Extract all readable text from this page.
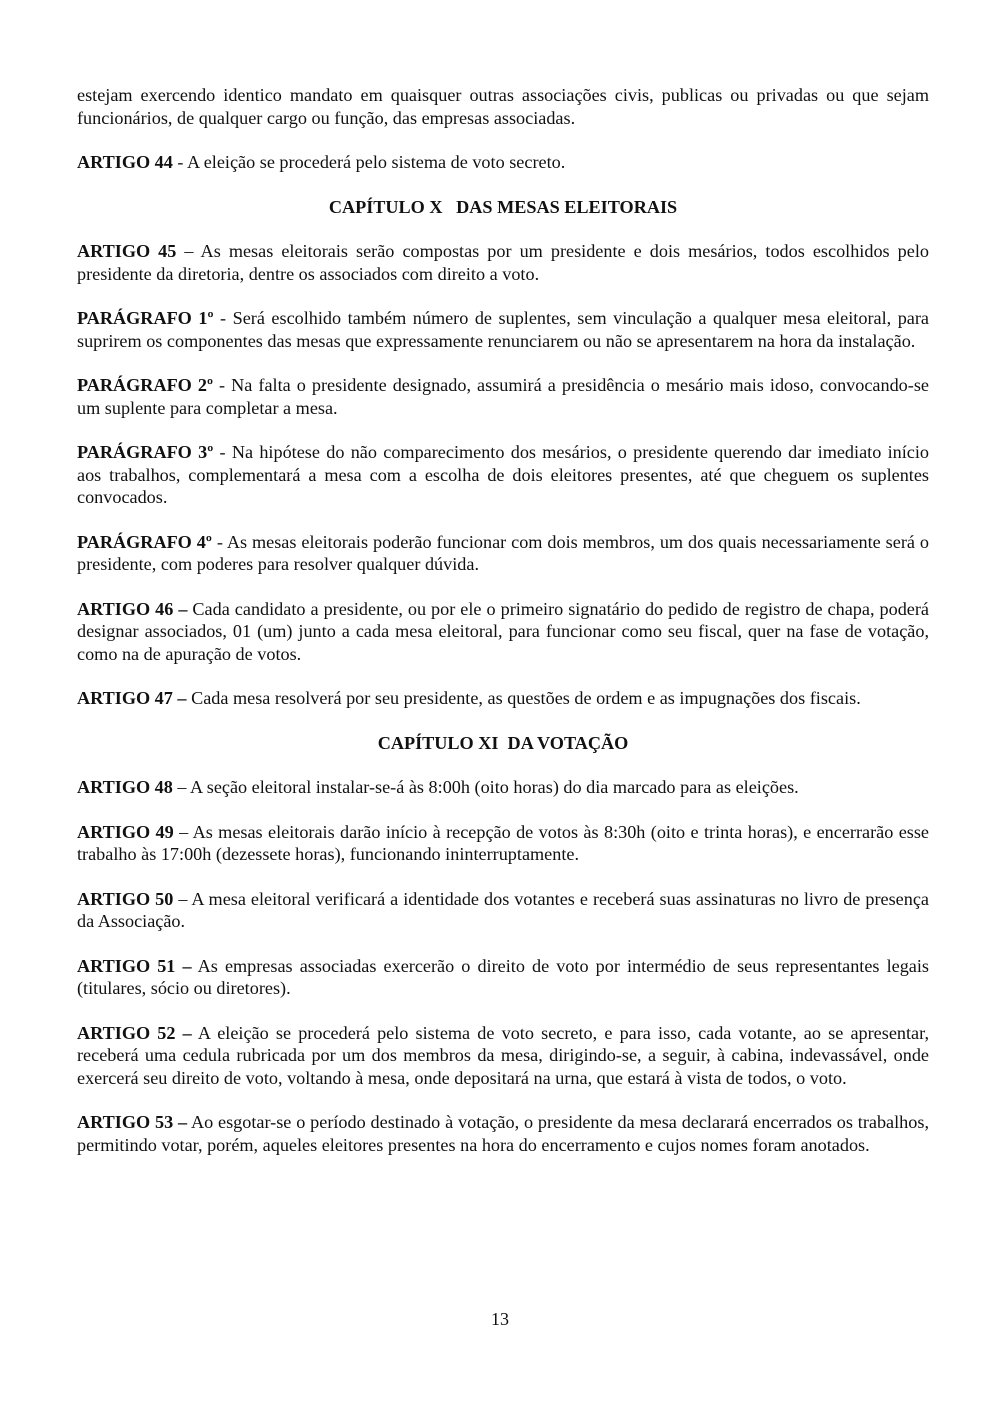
estejam exercendo identico mandato em quaisquer outras associações civis, publicas ou privadas ou que sejam funcionários, de qualquer cargo ou função, das empresas associadas.

ARTIGO 44 - A eleição se procederá pelo sistema de voto secreto.

CAPÍTULO X   DAS MESAS ELEITORAIS

ARTIGO 45 – As mesas eleitorais serão compostas por um presidente e dois mesários, todos escolhidos pelo presidente da diretoria, dentre os associados com direito a voto.

PARÁGRAFO 1º - Será escolhido também número de suplentes, sem vinculação a qualquer mesa eleitoral, para suprirem os componentes das mesas que expressamente renunciarem ou não se apresentarem na hora da instalação.

PARÁGRAFO 2º - Na falta o presidente designado, assumirá a presidência o mesário mais idoso, convocando-se um suplente para completar a mesa.

PARÁGRAFO 3º - Na hipótese do não comparecimento dos mesários, o presidente querendo dar imediato início aos trabalhos, complementará a mesa com a escolha de dois eleitores presentes, até que cheguem os suplentes convocados.

PARÁGRAFO 4º - As mesas eleitorais poderão funcionar com dois membros, um dos quais necessariamente será o presidente, com poderes para resolver qualquer dúvida.

ARTIGO 46 – Cada candidato a presidente, ou por ele o primeiro signatário do pedido de registro de chapa, poderá designar associados, 01 (um) junto a cada mesa eleitoral, para funcionar como seu fiscal, quer na fase de votação, como na de apuração de votos.

ARTIGO 47 – Cada mesa resolverá por seu presidente, as questões de ordem e as impugnações dos fiscais.

CAPÍTULO XI  DA VOTAÇÃO

ARTIGO 48 – A seção eleitoral instalar-se-á às 8:00h (oito horas) do dia marcado para as eleições.

ARTIGO 49 – As mesas eleitorais darão início à recepção de votos às 8:30h (oito e trinta horas), e encerrarão esse trabalho às 17:00h (dezessete horas), funcionando ininterruptamente.

ARTIGO 50 – A mesa eleitoral verificará a identidade dos votantes e receberá suas assinaturas no livro de presença da Associação.

ARTIGO 51 – As empresas associadas exercerão o direito de voto por intermédio de seus representantes legais (titulares, sócio ou diretores).

ARTIGO 52 – A eleição se procederá pelo sistema de voto secreto, e para isso, cada votante, ao se apresentar, receberá uma cedula rubricada por um dos membros da mesa, dirigindo-se, a seguir, à cabina, indevassável, onde exercerá seu direito de voto, voltando à mesa, onde depositará na urna, que estará à vista de todos, o voto.

ARTIGO 53 – Ao esgotar-se o período destinado à votação, o presidente da mesa declarará encerrados os trabalhos, permitindo votar, porém, aqueles eleitores presentes na hora do encerramento e cujos nomes foram anotados.

13
